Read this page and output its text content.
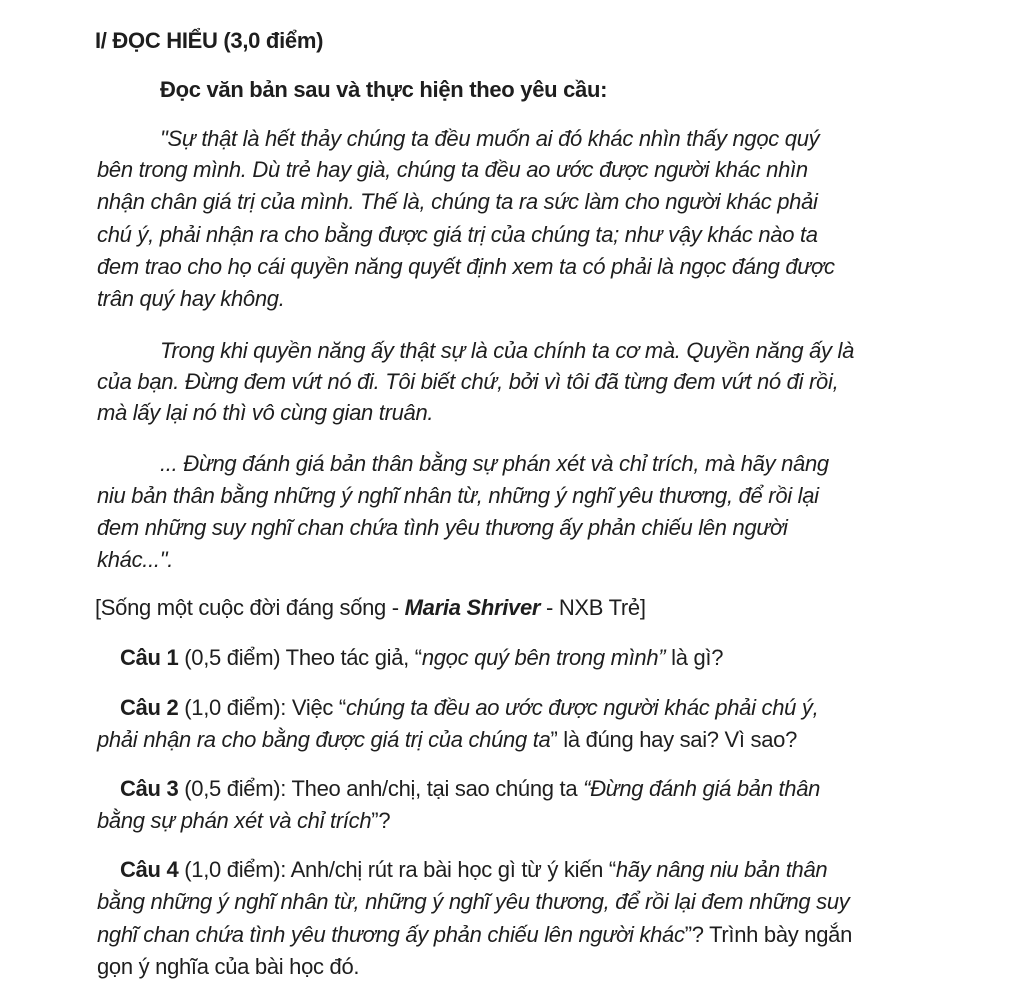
I/ ĐỌC HIỂU (3,0 điểm)
Đọc văn bản sau và thực hiện theo yêu cầu:
"Sự thật là hết thảy chúng ta đều muốn ai đó khác nhìn thấy ngọc quý
bên trong mình. Dù trẻ hay già, chúng ta đều ao ước được người khác nhìn
nhận chân giá trị của mình. Thế là, chúng ta ra sức làm cho người khác phải
chú ý, phải nhận ra cho bằng được giá trị của chúng ta; như vậy khác nào ta
đem trao cho họ cái quyền năng quyết định xem ta có phải là ngọc đáng được
trân quý hay không.
Trong khi quyền năng ấy thật sự là của chính ta cơ mà. Quyền năng ấy là
của bạn. Đừng đem vứt nó đi. Tôi biết chứ, bởi vì tôi đã từng đem vứt nó đi rồi,
mà lấy lại nó thì vô cùng gian truân.
... Đừng đánh giá bản thân bằng sự phán xét và chỉ trích, mà hãy nâng
niu bản thân bằng những ý nghĩ nhân từ, những ý nghĩ yêu thương, để rồi lại
đem những suy nghĩ chan chứa tình yêu thương ấy phản chiếu lên người
khác...".
[Sống một cuộc đời đáng sống - Maria Shriver - NXB Trẻ]
Câu 1 (0,5 điểm) Theo tác giả, “ngọc quý bên trong mình” là gì?
Câu 2 (1,0 điểm): Việc “chúng ta đều ao ước được người khác phải chú ý,
phải nhận ra cho bằng được giá trị của chúng ta” là đúng hay sai? Vì sao?
Câu 3 (0,5 điểm): Theo anh/chị, tại sao chúng ta “Đừng đánh giá bản thân
bằng sự phán xét và chỉ trích”?
Câu 4 (1,0 điểm): Anh/chị rút ra bài học gì từ ý kiến “hãy nâng niu bản thân
bằng những ý nghĩ nhân từ, những ý nghĩ yêu thương, để rồi lại đem những suy
nghĩ chan chứa tình yêu thương ấy phản chiếu lên người khác”? Trình bày ngắn
gọn ý nghĩa của bài học đó.
